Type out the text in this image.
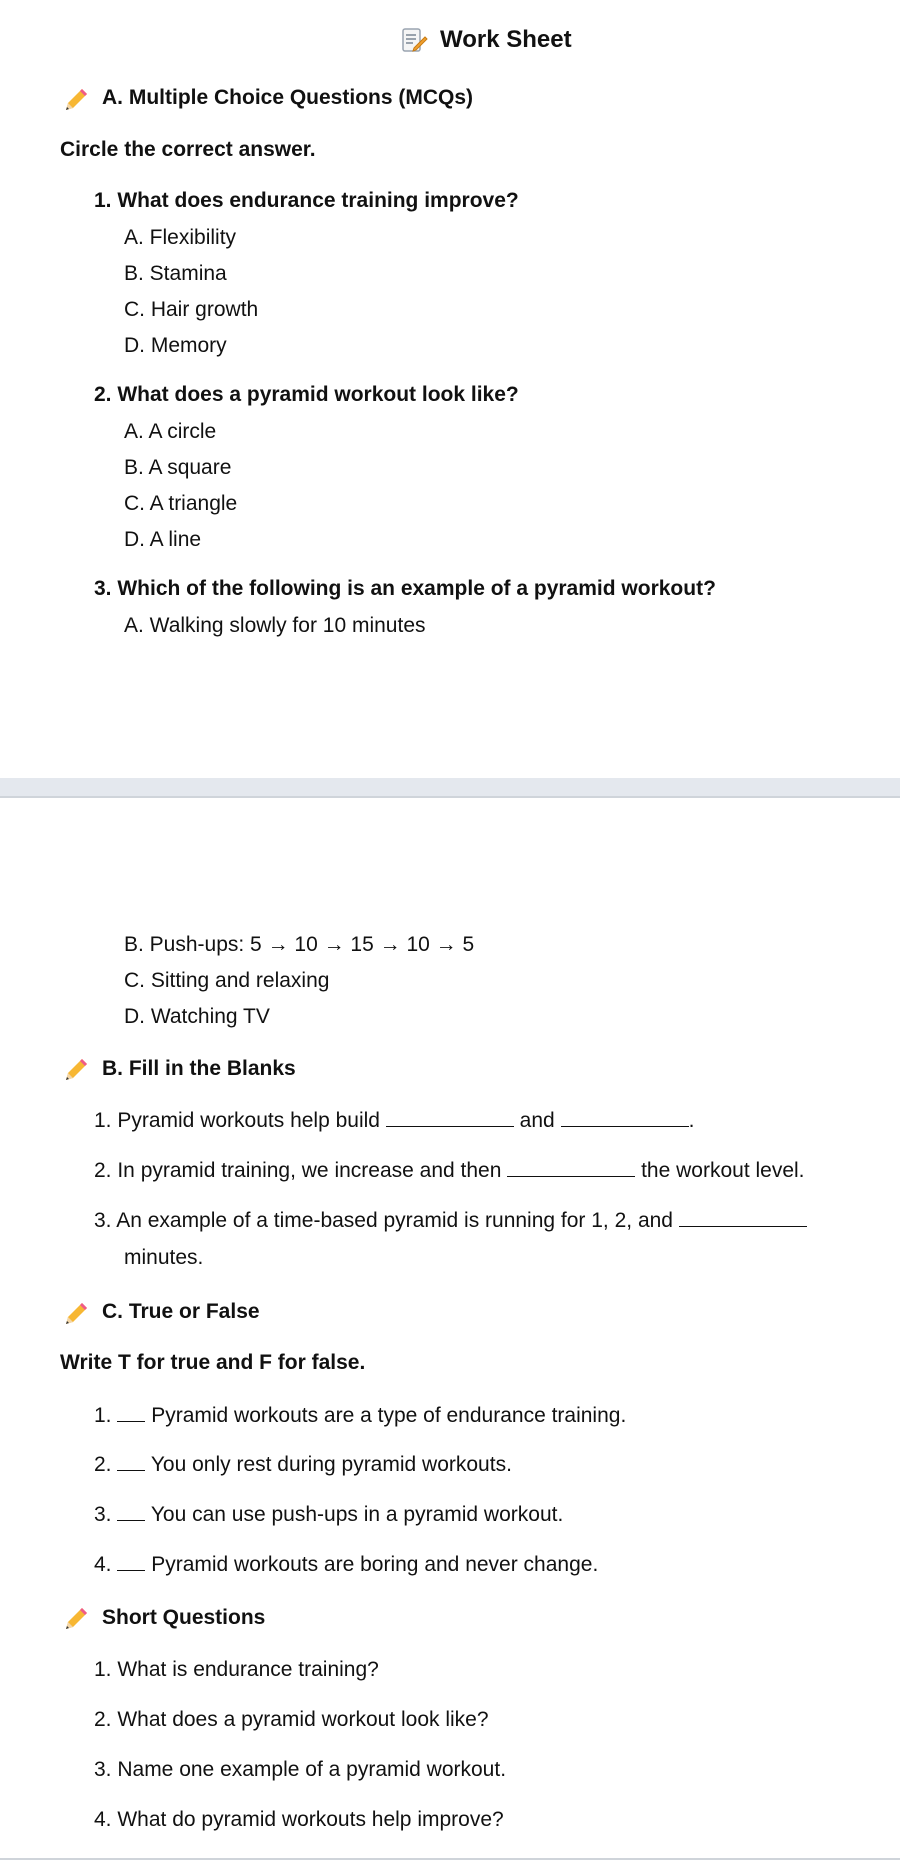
Work Sheet
A. Multiple Choice Questions (MCQs)
Circle the correct answer.
1. What does endurance training improve?
A. Flexibility
B. Stamina
C. Hair growth
D. Memory
2. What does a pyramid workout look like?
A. A circle
B. A square
C. A triangle
D. A line
3. Which of the following is an example of a pyramid workout?
A. Walking slowly for 10 minutes
B. Push-ups: 5 → 10 → 15 → 10 → 5
C. Sitting and relaxing
D. Watching TV
B. Fill in the Blanks
1. Pyramid workouts help build	and	.
2. In pyramid training, we increase and then	the workout level.
3. An example of a time-based pyramid is running for 1, 2, and
minutes.
C. True or False
Write T for true and F for false.
1. Pyramid workouts are a type of endurance training.
2. You only rest during pyramid workouts.
3. You can use push-ups in a pyramid workout.
4. Pyramid workouts are boring and never change.
Short Questions
1. What is endurance training?
2. What does a pyramid workout look like?
3. Name one example of a pyramid workout.
4. What do pyramid workouts help improve?
